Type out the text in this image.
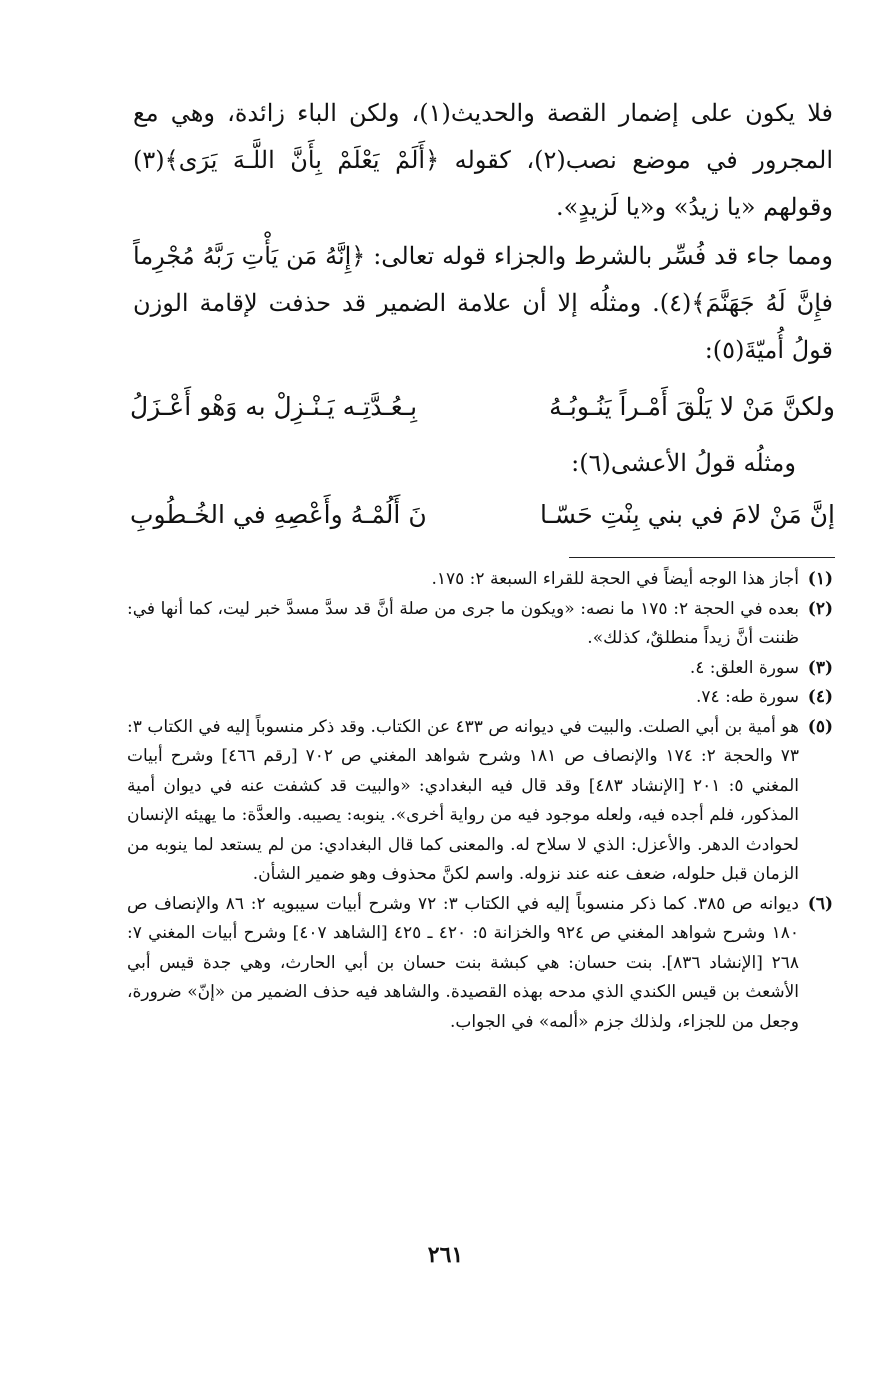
فلا يكون على إضمار القصة والحديث(١)، ولكن الباء زائدة، وهي مع المجرور في موضع نصب(٢)، كقوله ﴿أَلَمْ يَعْلَمْ بِأَنَّ اللَّـهَ يَرَى﴾(٣) وقولهم «يا زيدُ» و«يا لَزيدٍ».

ومما جاء قد فُسِّر بالشرط والجزاء قوله تعالى: ﴿إِنَّهُ مَن يَأْتِ رَبَّهُ مُجْرِماً فإِنَّ لَهُ جَهَنَّمَ﴾(٤). ومثلُه إلا أن علامة الضمير قد حذفت لإقامة الوزن قولُ أُميّةَ(٥):

ولكنَّ مَنْ لا يَلْقَ أَمْـراً يَنُـوبُـهُ
بِـعُـدَّتِـه يَـنْـزِلْ به وَهْو أَعْـزَلُ
ومثلُه قولُ الأعشى(٦):
إنَّ مَنْ لامَ في بني بِنْتِ حَسّـا
نَ أَلُمْـهُ وأَعْصِهِ في الخُـطُوبِ
(١)
أجاز هذا الوجه أيضاً في الحجة للقراء السبعة ٢: ١٧٥.
(٢)
بعده في الحجة ٢: ١٧٥ ما نصه: «ويكون ما جرى من صلة أنَّ قد سدَّ مسدَّ خبر ليت، كما أنها في: ظننت أنَّ زيداً منطلقٌ، كذلك».
(٣)
سورة العلق: ٤.
(٤)
سورة طه: ٧٤.
(٥)
هو أمية بن أبي الصلت. والبيت في ديوانه ص ٤٣٣ عن الكتاب. وقد ذكر منسوباً إليه في الكتاب ٣: ٧٣ والحجة ٢: ١٧٤ والإنصاف ص ١٨١ وشرح شواهد المغني ص ٧٠٢ [رقم ٤٦٦] وشرح أبيات المغني ٥: ٢٠١ [الإنشاد ٤٨٣] وقد قال فيه البغدادي: «والبيت قد كشفت عنه في ديوان أمية المذكور، فلم أجده فيه، ولعله موجود فيه من رواية أخرى». ينوبه: يصيبه. والعدَّة: ما يهيئه الإنسان لحوادث الدهر. والأعزل: الذي لا سلاح له. والمعنى كما قال البغدادي: من لم يستعد لما ينوبه من الزمان قبل حلوله، ضعف عنه عند نزوله. واسم لكنَّ محذوف وهو ضمير الشأن.
(٦)
ديوانه ص ٣٨٥. كما ذكر منسوباً إليه في الكتاب ٣: ٧٢ وشرح أبيات سيبويه ٢: ٨٦ والإنصاف ص ١٨٠ وشرح شواهد المغني ص ٩٢٤ والخزانة ٥: ٤٢٠ ـ ٤٢٥ [الشاهد ٤٠٧] وشرح أبيات المغني ٧: ٢٦٨ [الإنشاد ٨٣٦]. بنت حسان: هي كبشة بنت حسان بن أبي الحارث، وهي جدة قيس أبي الأشعث بن قيس الكندي الذي مدحه بهذه القصيدة. والشاهد فيه حذف الضمير من «إنّ» ضرورة، وجعل من للجزاء، ولذلك جزم «ألمه» في الجواب.
٢٦١
